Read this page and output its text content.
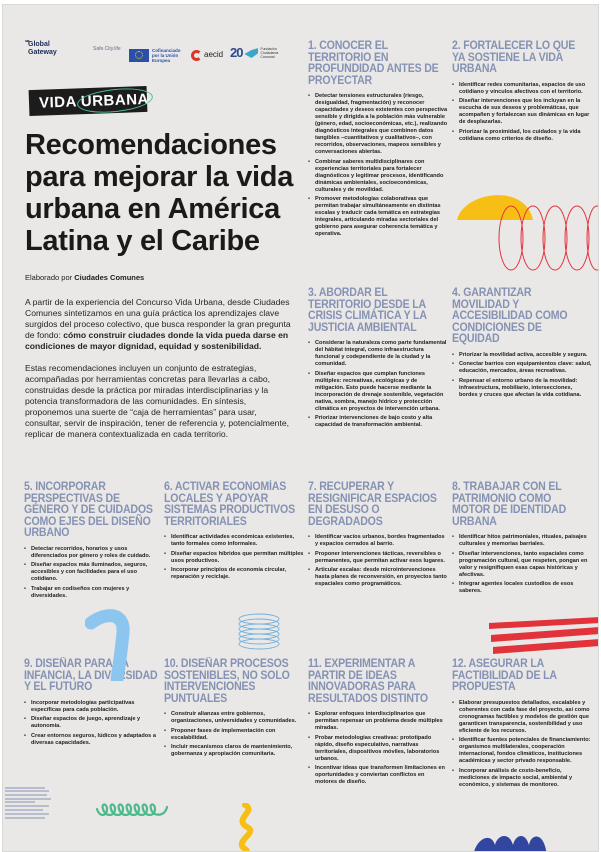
* * * Global
Gateway	Safe.City.life	Cofinanciado por la Unión Europea
aecid 20	Fundación Ciudadanía Comunal
VIDA URBANA
Recomendaciones para mejorar la vida urbana en América Latina y el Caribe
Elaborado por Ciudades Comunes

A partir de la experiencia del Concurso Vida Urbana, desde Ciudades Comunes sintetizamos en una guía práctica los aprendizajes clave surgidos del proceso colectivo, que busca responder la gran pregunta de fondo: cómo construir ciudades donde la vida pueda darse en condiciones de mayor dignidad, equidad y sostenibilidad.

Estas recomendaciones incluyen un conjunto de estrategias, acompañadas por herramientas concretas para llevarlas a cabo, construidas desde la práctica por miradas interdisciplinarias y la potencia transformadora de las comunidades. En síntesis, proponemos una suerte de “caja de herramientas” para usar, consultar, servir de inspiración, tener de referencia y, potencialmente, replicar de manera contextualizada en cada territorio.

1. CONOCER EL TERRITORIO EN PROFUNDIDAD ANTES DE PROYECTAR
• Detectar tensiones estructurales (riesgo, desigualdad, fragmentación) y reconocer capacidades y deseos existentes con perspectiva sensible y dirigida a la población más vulnerable (género, edad, socioeconómicas, etc.), realizando diagnósticos integrales que combinen datos tangibles –cuantitativos y cualitativos–, con recorridos, observaciones, mapeos sensibles y conversaciones abiertas.
• Combinar saberes multidisciplinares con experiencias territoriales para fortalecer diagnósticos y legitimar procesos, identificando dinámicas ambientales, socioeconómicas, culturales y de movilidad.
• Promover metodologías colaborativas que permitan trabajar simultáneamente en distintas escalas y traducir cada temática en estrategias integrales, articulando miradas sectoriales del gobierno para asegurar coherencia temática y operativa.
2. FORTALECER LO QUE YA SOSTIENE LA VIDA URBANA
• Identificar redes comunitarias, espacios de uso cotidiano y vínculos afectivos con el territorio.
• Diseñar intervenciones que los incluyan en la escucha de sus deseos y problemáticas, que acompañen y fortalezcan sus dinámicas en lugar de desplazarlas.
• Priorizar la proximidad, los cuidados y la vida cotidiana como criterios de diseño.
3. ABORDAR EL TERRITORIO DESDE LA CRISIS CLIMÁTICA Y LA JUSTICIA AMBIENTAL
• Considerar la naturaleza como parte fundamental del hábitat integral, como infraestructura funcional y codependiente de la ciudad y la comunidad.
• Diseñar espacios que cumplan funciones múltiples: recreativas, ecológicas y de mitigación. Esto puede hacerse mediante la incorporación de drenaje sostenible, vegetación nativa, sombra, manejo hídrico y protección climática en proyectos de intervención urbana.
• Priorizar intervenciones de bajo costo y alta capacidad de transformación ambiental.
4. GARANTIZAR MOVILIDAD Y ACCESIBILIDAD COMO CONDICIONES DE EQUIDAD
• Priorizar la movilidad activa, accesible y segura.
• Conectar barrios con equipamientos clave: salud, educación, mercados, áreas recreativas.
• Repensar el entorno urbano de la movilidad: infraestructura, mobiliario, intersecciones, bordes y cruces que afectan la vida cotidiana.
5. INCORPORAR PERSPECTIVAS DE GÉNERO Y DE CUIDADOS COMO EJES DEL DISEÑO URBANO
• Detectar recorridos, horarios y usos diferenciados por género y roles de cuidado.
• Diseñar espacios más iluminados, seguros, accesibles y con facilidades para el uso cotidiano.
• Trabajar en codiseños con mujeres y diversidades.
6. ACTIVAR ECONOMÍAS LOCALES Y APOYAR SISTEMAS PRODUCTIVOS TERRITORIALES
• Identificar actividades económicas existentes, tanto formales como informales.
• Diseñar espacios híbridos que permitan múltiples usos productivos.
• Incorporar principios de economía circular, reparación y reciclaje.
7. RECUPERAR Y RESIGNIFICAR ESPACIOS EN DESUSO O DEGRADADOS
• Identificar vacíos urbanos, bordes fragmentados y espacios cerrados al barrio.
• Proponer intervenciones tácticas, reversibles o permanentes, que permitan activar esos lugares.
• Articular escalas: desde microintervenciones hasta planes de reconversión, en proyectos tanto espaciales como programáticos.
8. TRABAJAR CON EL PATRIMONIO COMO MOTOR DE IDENTIDAD URBANA
• Identificar hitos patrimoniales, rituales, paisajes culturales y memorias barriales.
• Diseñar intervenciones, tanto espaciales como programación cultural, que respeten, pongan en valor y resignifiquen esas capas históricas y afectivas.
• Integrar agentes locales custodios de esos saberes.
9. DISEÑAR PARA LA INFANCIA, LA DIVERSIDAD Y EL FUTURO
• Incorporar metodologías participativas específicas para cada población.
• Diseñar espacios de juego, aprendizaje y autonomía.
• Crear entornos seguros, lúdicos y adaptados a diversas capacidades.
10. DISEÑAR PROCESOS SOSTENIBLES, NO SOLO INTERVENCIONES PUNTUALES
• Construir alianzas entre gobiernos, organizaciones, universidades y comunidades.
• Proponer fases de implementación con escalabilidad.
• Incluir mecanismos claros de mantenimiento, gobernanza y apropiación comunitaria.
11. EXPERIMENTAR A PARTIR DE IDEAS INNOVADORAS PARA RESULTADOS DISTINTO
• Explorar enfoques interdisciplinarios que permitan repensar un problema desde múltiples miradas.
• Probar metodologías creativas: prototipado rápido, diseño especulativo, narrativas territoriales, dispositivos móviles, laboratorios urbanos.
• Incentivar ideas que transformen limitaciones en oportunidades y conviertan conflictos en motores de diseño.
12. ASEGURAR LA FACTIBILIDAD DE LA PROPUESTA
• Elaborar presupuestos detallados, escalables y coherentes con cada fase del proyecto, así como cronogramas factibles y modelos de gestión que garanticen transparencia, sostenibilidad y uso eficiente de los recursos.
• Identificar fuentes potenciales de financiamiento: organismos multilaterales, cooperación internacional, fondos climáticos, instituciones académicas y sector privado responsable.
• Incorporar análisis de costo-beneficio, mediciones de impacto social, ambiental y económico, y sistemas de monitoreo.
